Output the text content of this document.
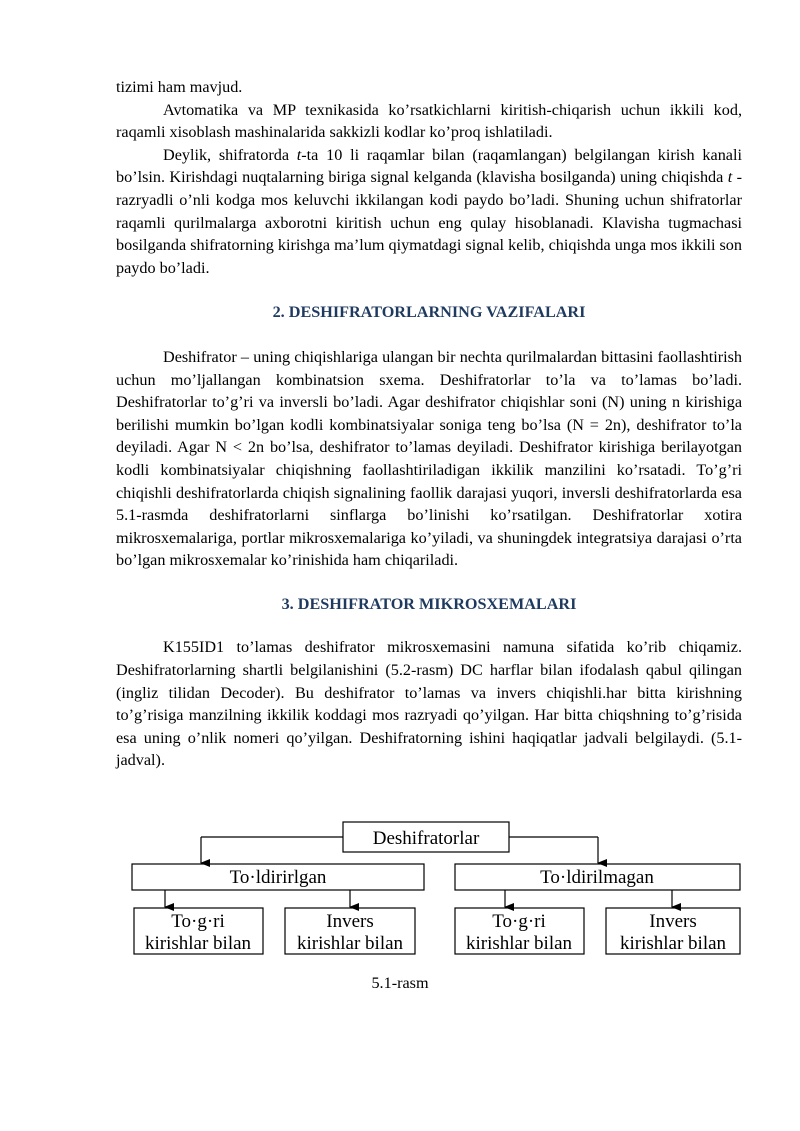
tizimi ham mavjud.

Avtomatika va MP texnikasida ko’rsatkichlarni kiritish-chiqarish uchun ikkili kod, raqamli xisoblash mashinalarida sakkizli kodlar ko’proq ishlatiladi.

Deylik, shifratorda t-ta 10 li raqamlar bilan (raqamlangan) belgilangan kirish kanali bo’lsin. Kirishdagi nuqtalarning biriga signal kelganda (klavisha bosilganda) uning chiqishda t - razryadli o’nli kodga mos keluvchi ikkilangan kodi paydo bo’ladi. Shuning uchun shifratorlar raqamli qurilmalarga axborotni kiritish uchun eng qulay hisoblanadi. Klavisha tugmachasi bosilganda shifratorning kirishga ma’lum qiymatdagi signal kelib, chiqishda unga mos ikkili son paydo bo’ladi.

2. DESHIFRATORLARNING VAZIFALARI

Deshifrator – uning chiqishlariga ulangan bir nechta qurilmalardan bittasini faollashtirish uchun mo’ljallangan kombinatsion sxema. Deshifratorlar to’la va to’lamas bo’ladi. Deshifratorlar to’g’ri va inversli bo’ladi. Agar deshifrator chiqishlar soni (N) uning n kirishiga berilishi mumkin bo’lgan kodli kombinatsiyalar soniga teng bo’lsa (N = 2n), deshifrator to’la deyiladi. Agar N < 2n bo’lsa, deshifrator to’lamas deyiladi. Deshifrator kirishiga berilayotgan kodli kombinatsiyalar chiqishning faollashtiriladigan ikkilik manzilini ko’rsatadi. To’g’ri chiqishli deshifratorlarda chiqish signalining faollik darajasi yuqori, inversli deshifratorlarda esa 5.1-rasmda deshifratorlarni sinflarga bo’linishi ko’rsatilgan. Deshifratorlar xotira mikrosxemalariga, portlar mikrosxemalariga ko’yiladi, va shuningdek integratsiya darajasi o’rta bo’lgan mikrosxemalar ko’rinishida ham chiqariladi.

3. DESHIFRATOR MIKROSXEMALARI

K155ID1 to’lamas deshifrator mikrosxemasini namuna sifatida ko’rib chiqamiz. Deshifratorlarning shartli belgilanishini (5.2-rasm) DC harflar bilan ifodalash qabul qilingan (ingliz tilidan Decoder). Bu deshifrator to’lamas va invers chiqishli.har bitta kirishning to’g’risiga manzilning ikkilik koddagi mos razryadi qo’yilgan. Har bitta chiqshning to’g’risida esa uning o’nlik nomeri qo’yilgan. Deshifratorning ishini haqiqatlar jadvali belgilaydi. (5.1-jadval).

Deshifratorlar
To·ldirirlgan	To·ldirilmagan
To·g·ri
kirishlar bilan
Invers
kirishlar bilan
To·g·ri
kirishlar bilan
Invers
kirishlar bilan
5.1-rasm
